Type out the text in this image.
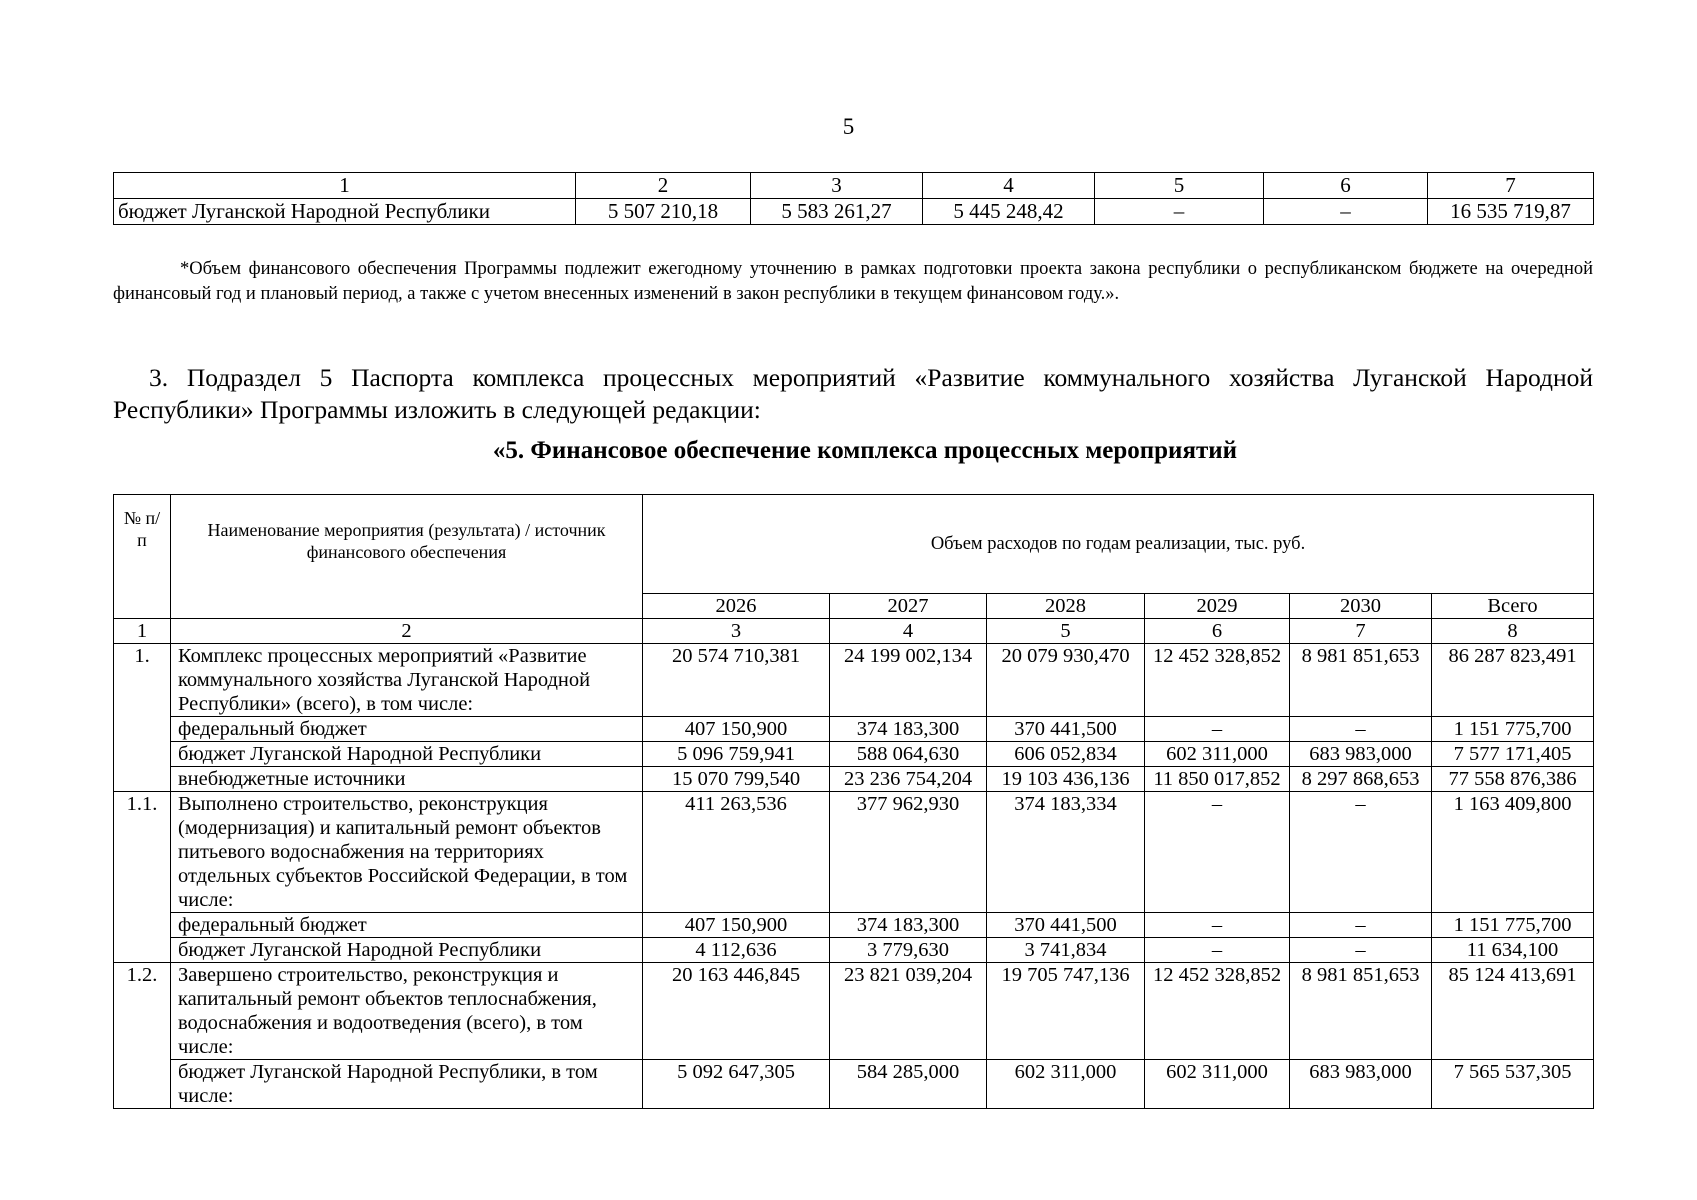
5
1	2	3	4	5	6	7
бюджет Луганской Народной Республики	5 507 210,18	5 583 261,27	5 445 248,42	–	–	16 535 719,87
*Объем финансового обеспечения Программы подлежит ежегодному уточнению в рамках подготовки проекта закона республики о республиканском бюджете на очередной финансовый год и плановый период, а также с учетом внесенных изменений в закон республики в текущем финансовом году.».

3. Подраздел 5 Паспорта комплекса процессных мероприятий «Развитие коммунального хозяйства Луганской Народной Республики» Программы изложить в следующей редакции:

«5. Финансовое обеспечение комплекса процессных мероприятий
№ п/п	Наименование мероприятия (результата) / источник финансового обеспечения	Объем расходов по годам реализации, тыс. руб.					
		2026	2027	2028	2029	2030	Всего
1	2	3	4	5	6	7	8
1.	Комплекс процессных мероприятий «Развитие коммунального хозяйства Луганской Народной Республики» (всего), в том числе:	20 574 710,381	24 199 002,134	20 079 930,470	12 452 328,852	8 981 851,653	86 287 823,491
	федеральный бюджет	407 150,900	374 183,300	370 441,500	–	–	1 151 775,700
	бюджет Луганской Народной Республики	5 096 759,941	588 064,630	606 052,834	602 311,000	683 983,000	7 577 171,405
	внебюджетные источники	15 070 799,540	23 236 754,204	19 103 436,136	11 850 017,852	8 297 868,653	77 558 876,386
1.1.	Выполнено строительство, реконструкция (модернизация) и капитальный ремонт объектов питьевого водоснабжения на территориях отдельных субъектов Российской Федерации, в том числе:	411 263,536	377 962,930	374 183,334	–	–	1 163 409,800
	федеральный бюджет	407 150,900	374 183,300	370 441,500	–	–	1 151 775,700
	бюджет Луганской Народной Республики	4 112,636	3 779,630	3 741,834	–	–	11 634,100
1.2.	Завершено строительство, реконструкция и капитальный ремонт объектов теплоснабжения, водоснабжения и водоотведения (всего), в том числе:	20 163 446,845	23 821 039,204	19 705 747,136	12 452 328,852	8 981 851,653	85 124 413,691
	бюджет Луганской Народной Республики, в том числе:	5 092 647,305	584 285,000	602 311,000	602 311,000	683 983,000	7 565 537,305
